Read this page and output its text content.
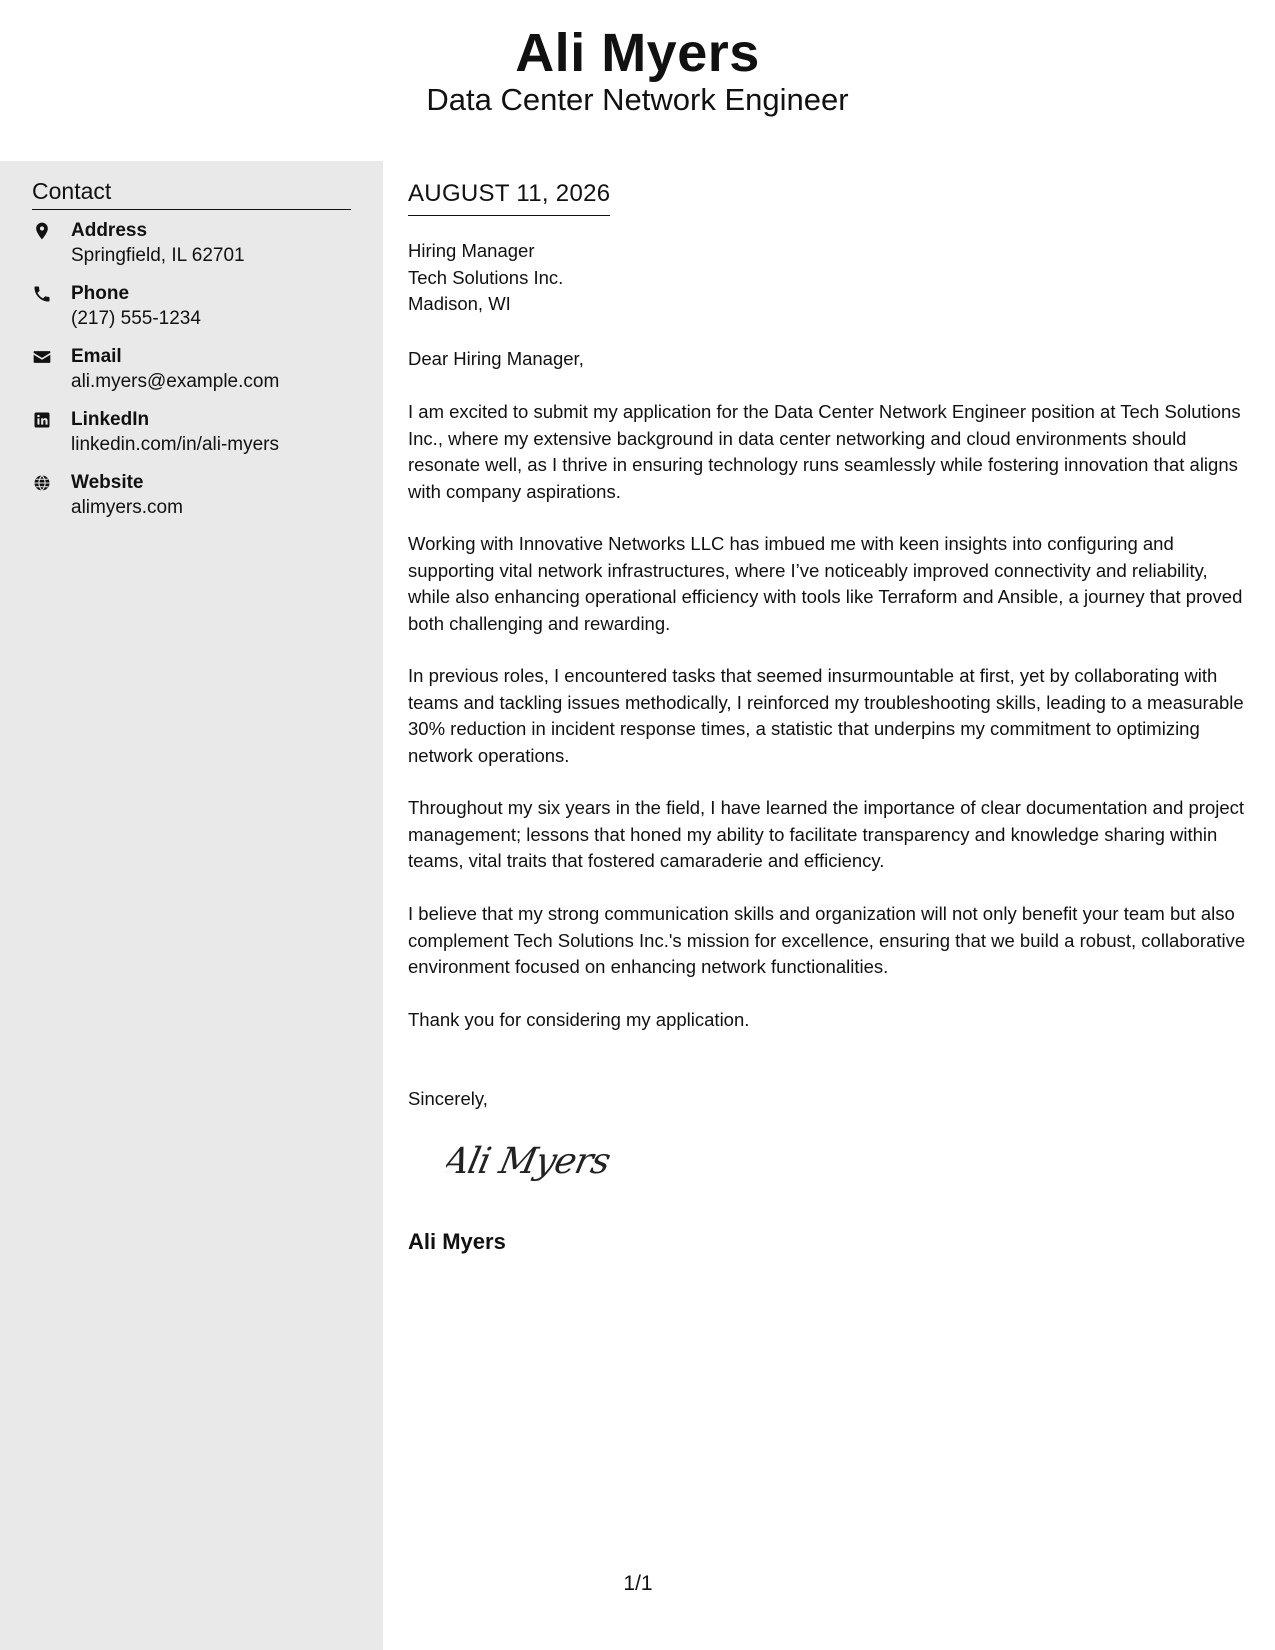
Ali Myers
Data Center Network Engineer
Contact
Address
Springfield, IL 62701
Phone
(217) 555-1234
Email
ali.myers@example.com
LinkedIn
linkedin.com/in/ali-myers
Website
alimyers.com
AUGUST 11, 2026
Hiring Manager
Tech Solutions Inc.
Madison, WI
Dear Hiring Manager,

I am excited to submit my application for the Data Center Network Engineer position at Tech Solutions Inc., where my extensive background in data center networking and cloud environments should resonate well, as I thrive in ensuring technology runs seamlessly while fostering innovation that aligns with company aspirations.

Working with Innovative Networks LLC has imbued me with keen insights into configuring and supporting vital network infrastructures, where I’ve noticeably improved connectivity and reliability, while also enhancing operational efficiency with tools like Terraform and Ansible, a journey that proved both challenging and rewarding.

In previous roles, I encountered tasks that seemed insurmountable at first, yet by collaborating with teams and tackling issues methodically, I reinforced my troubleshooting skills, leading to a measurable 30% reduction in incident response times, a statistic that underpins my commitment to optimizing network operations.

Throughout my six years in the field, I have learned the importance of clear documentation and project management; lessons that honed my ability to facilitate transparency and knowledge sharing within teams, vital traits that fostered camaraderie and efficiency.

I believe that my strong communication skills and organization will not only benefit your team but also complement Tech Solutions Inc.'s mission for excellence, ensuring that we build a robust, collaborative environment focused on enhancing network functionalities.

Thank you for considering my application.

Sincerely,
Ali Myers
Ali Myers
1/1
